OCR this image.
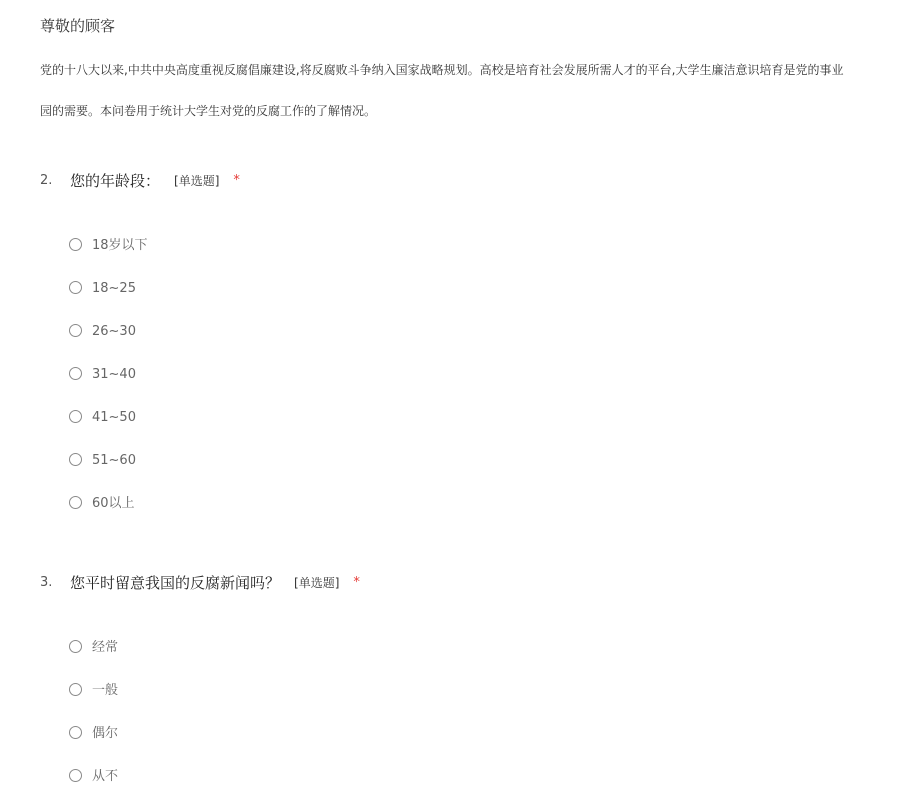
尊敬的顾客
党的十八大以来,中共中央高度重视反腐倡廉建设,将反腐败斗争纳入国家战略规划。高校是培育社会发展所需人才的平台,大学生廉洁意识培育是党的事业
园的需要。本问卷用于统计大学生对党的反腐工作的了解情况。
2.	您的年龄段： [单选题] *
18岁以下
18~25
26~30
31~40
41~50
51~60
60以上
3.	您平时留意我国的反腐新闻吗？ [单选题] *
经常
一般
偶尔
从不
